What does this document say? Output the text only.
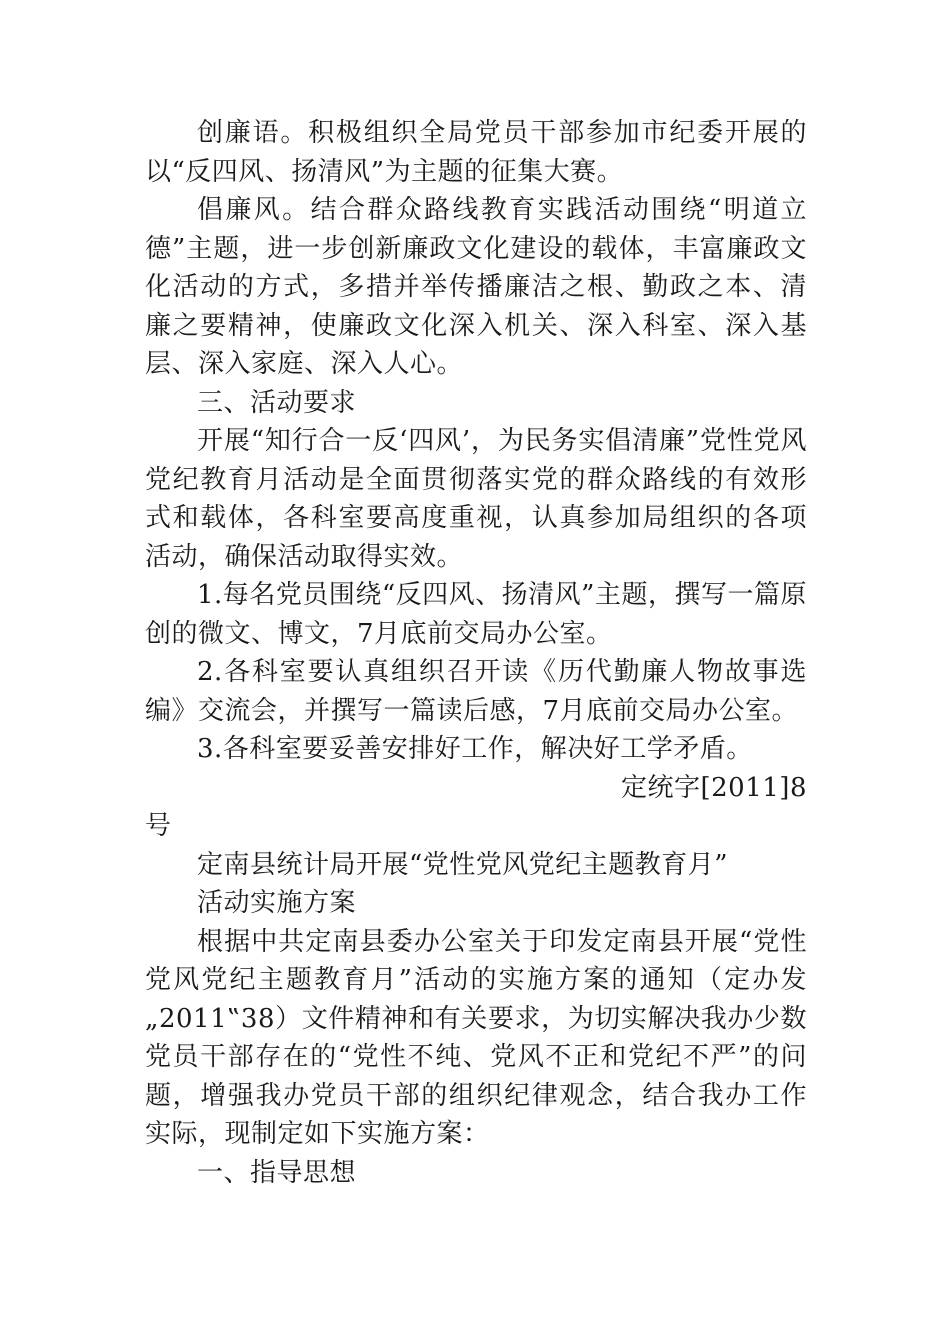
创廉语。积极组织全局党员干部参加市纪委开展的以“反四风、扬清风”为主题的征集大赛。

倡廉风。结合群众路线教育实践活动围绕“明道立德”主题，进一步创新廉政文化建设的载体，丰富廉政文化活动的方式，多措并举传播廉洁之根、勤政之本、清廉之要精神，使廉政文化深入机关、深入科室、深入基层、深入家庭、深入人心。

三、活动要求

开展“知行合一反‘四风’，为民务实倡清廉”党性党风党纪教育月活动是全面贯彻落实党的群众路线的有效形式和载体，各科室要高度重视，认真参加局组织的各项活动，确保活动取得实效。

1.每名党员围绕“反四风、扬清风”主题，撰写一篇原创的微文、博文，7月底前交局办公室。

2.各科室要认真组织召开读《历代勤廉人物故事选编》交流会，并撰写一篇读后感，7月底前交局办公室。

3.各科室要妥善安排好工作，解决好工学矛盾。

定统字[2011]8

号

定南县统计局开展“党性党风党纪主题教育月”

活动实施方案

根据中共定南县委办公室关于印发定南县开展“党性党风党纪主题教育月”活动的实施方案的通知（定办发„2011‟38）文件精神和有关要求，为切实解决我办少数党员干部存在的“党性不纯、党风不正和党纪不严”的问题，增强我办党员干部的组织纪律观念，结合我办工作实际，现制定如下实施方案：

一、指导思想
